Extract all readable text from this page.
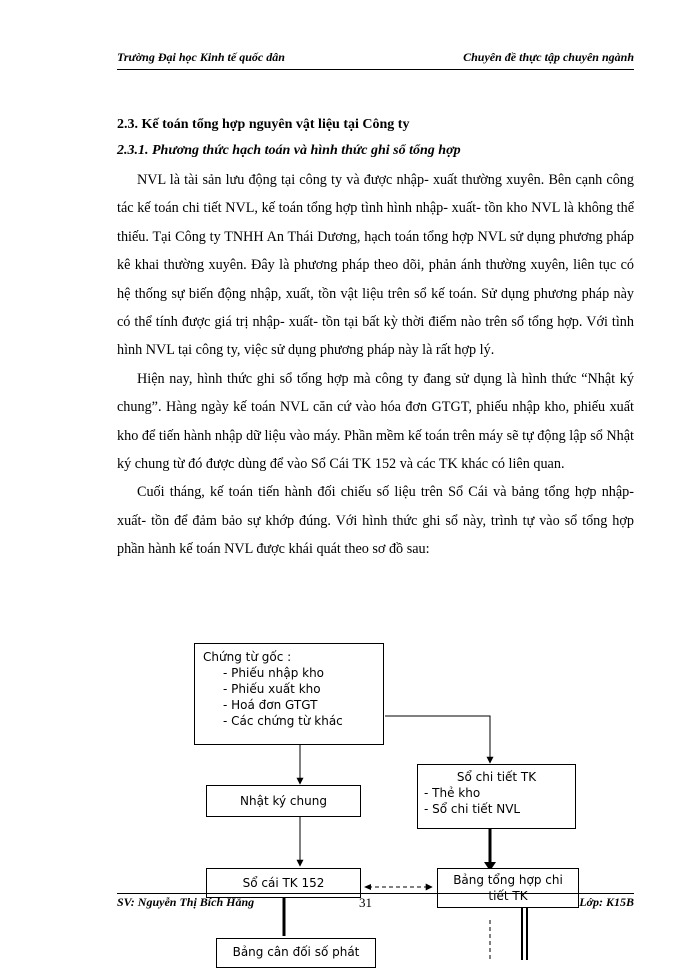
Trường Đại học Kinh tế quốc dân	Chuyên đề thực tập chuyên ngành
2.3. Kế toán tổng hợp nguyên vật liệu tại Công ty
2.3.1. Phương thức hạch toán và hình thức ghi sổ tổng hợp

NVL là tài sản lưu động tại công ty và được nhập- xuất thường xuyên. Bên cạnh công tác kế toán chi tiết NVL, kế toán tổng hợp tình hình nhập- xuất- tồn kho NVL là không thể thiếu. Tại Công ty TNHH An Thái Dương, hạch toán tổng hợp NVL sử dụng phương pháp kê khai thường xuyên. Đây là phương pháp theo dõi, phản ánh thường xuyên, liên tục có hệ thống sự biến động nhập, xuất, tồn vật liệu trên sổ kế toán. Sử dụng phương pháp này có thể tính được giá trị nhập- xuất- tồn tại bất kỳ thời điểm nào trên sổ tổng hợp. Với tình hình NVL tại công ty, việc sử dụng phương pháp này là rất hợp lý.

Hiện nay, hình thức ghi sổ tổng hợp mà công ty đang sử dụng là hình thức “Nhật ký chung”. Hàng ngày kế toán NVL căn cứ vào hóa đơn GTGT, phiếu nhập kho, phiếu xuất kho để tiến hành nhập dữ liệu vào máy. Phần mềm kế toán trên máy sẽ tự động lập sổ Nhật ký chung từ đó được dùng để vào Sổ Cái TK 152 và các TK khác có liên quan.

Cuối tháng, kế toán tiến hành đối chiếu số liệu trên Sổ Cái và bảng tổng hợp nhập- xuất- tồn để đảm bảo sự khớp đúng. Với hình thức ghi sổ này, trình tự vào sổ tổng hợp phần hành kế toán NVL được khái quát theo sơ đồ sau:

Chứng từ gốc :
- Phiếu nhập kho
- Phiếu xuất kho
- Hoá đơn GTGT
- Các chứng từ khác
Sổ chi tiết TK
- Thẻ kho
- Sổ chi tiết NVL
Nhật ký chung
Sổ cái TK 152	Bảng tổng hợp chi
tiết TK
Bảng cân đối số phát
SV: Nguyễn Thị Bích Hằng	31	Lớp: K15B
